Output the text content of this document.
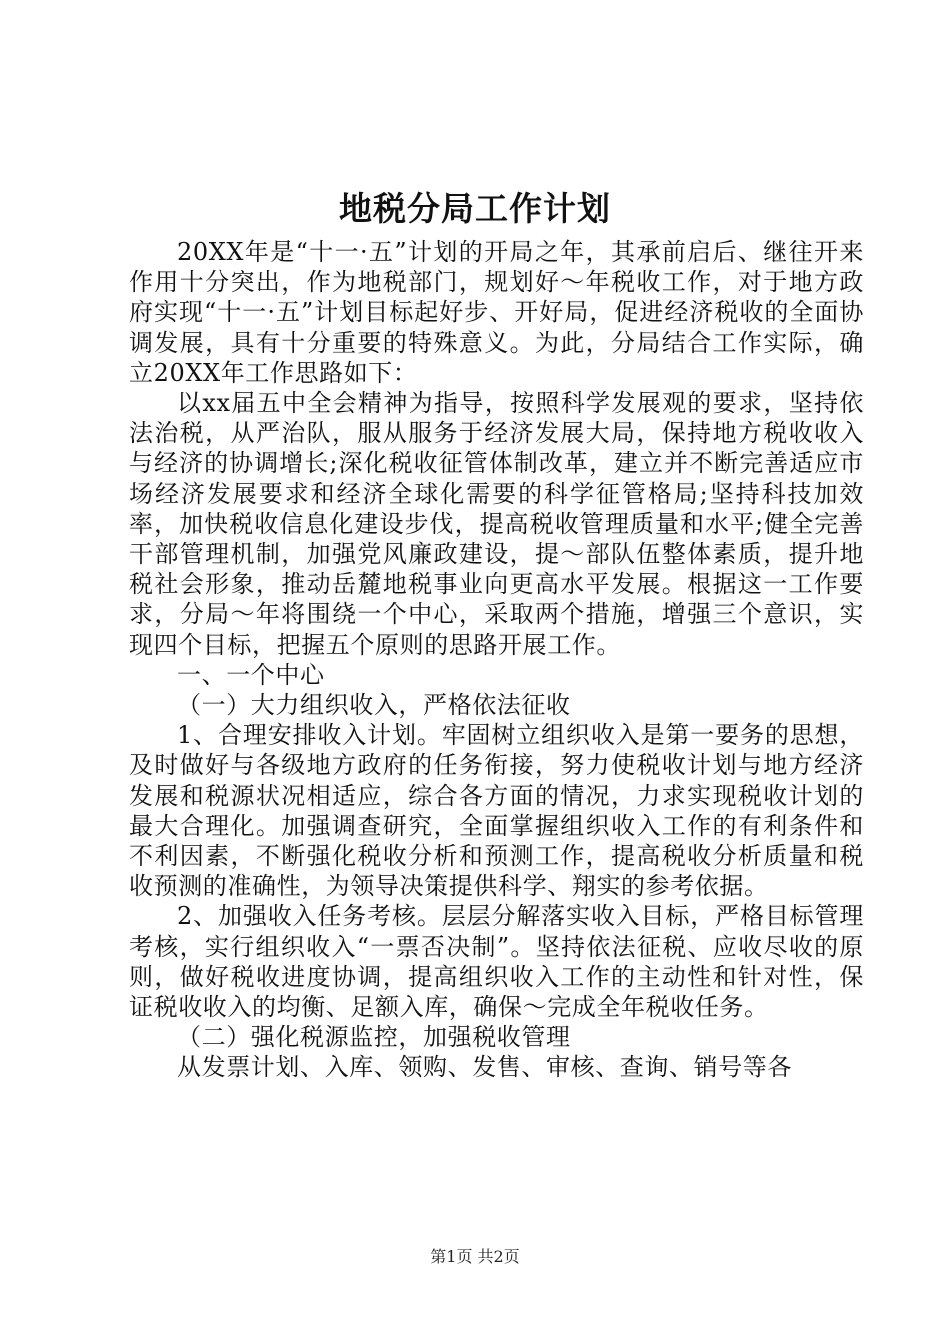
地税分局工作计划

20XX年是“十一·五”计划的开局之年，其承前启后、继往开来作用十分突出，作为地税部门，规划好～年税收工作，对于地方政府实现“十一·五”计划目标起好步、开好局，促进经济税收的全面协调发展，具有十分重要的特殊意义。为此，分局结合工作实际，确立20XX年工作思路如下：

以xx届五中全会精神为指导，按照科学发展观的要求，坚持依法治税，从严治队，服从服务于经济发展大局，保持地方税收收入与经济的协调增长;深化税收征管体制改革，建立并不断完善适应市场经济发展要求和经济全球化需要的科学征管格局;坚持科技加效率，加快税收信息化建设步伐，提高税收管理质量和水平;健全完善干部管理机制，加强党风廉政建设，提～部队伍整体素质，提升地税社会形象，推动岳麓地税事业向更高水平发展。根据这一工作要求，分局～年将围绕一个中心，采取两个措施，增强三个意识，实现四个目标，把握五个原则的思路开展工作。

一、一个中心

（一）大力组织收入，严格依法征收

1、合理安排收入计划。牢固树立组织收入是第一要务的思想，及时做好与各级地方政府的任务衔接，努力使税收计划与地方经济发展和税源状况相适应，综合各方面的情况，力求实现税收计划的最大合理化。加强调查研究，全面掌握组织收入工作的有利条件和不利因素，不断强化税收分析和预测工作，提高税收分析质量和税收预测的准确性，为领导决策提供科学、翔实的参考依据。

2、加强收入任务考核。层层分解落实收入目标，严格目标管理考核，实行组织收入“一票否决制”。坚持依法征税、应收尽收的原则，做好税收进度协调，提高组织收入工作的主动性和针对性，保证税收收入的均衡、足额入库，确保～完成全年税收任务。

（二）强化税源监控，加强税收管理

从发票计划、入库、领购、发售、审核、查询、销号等各

第1页 共2页
